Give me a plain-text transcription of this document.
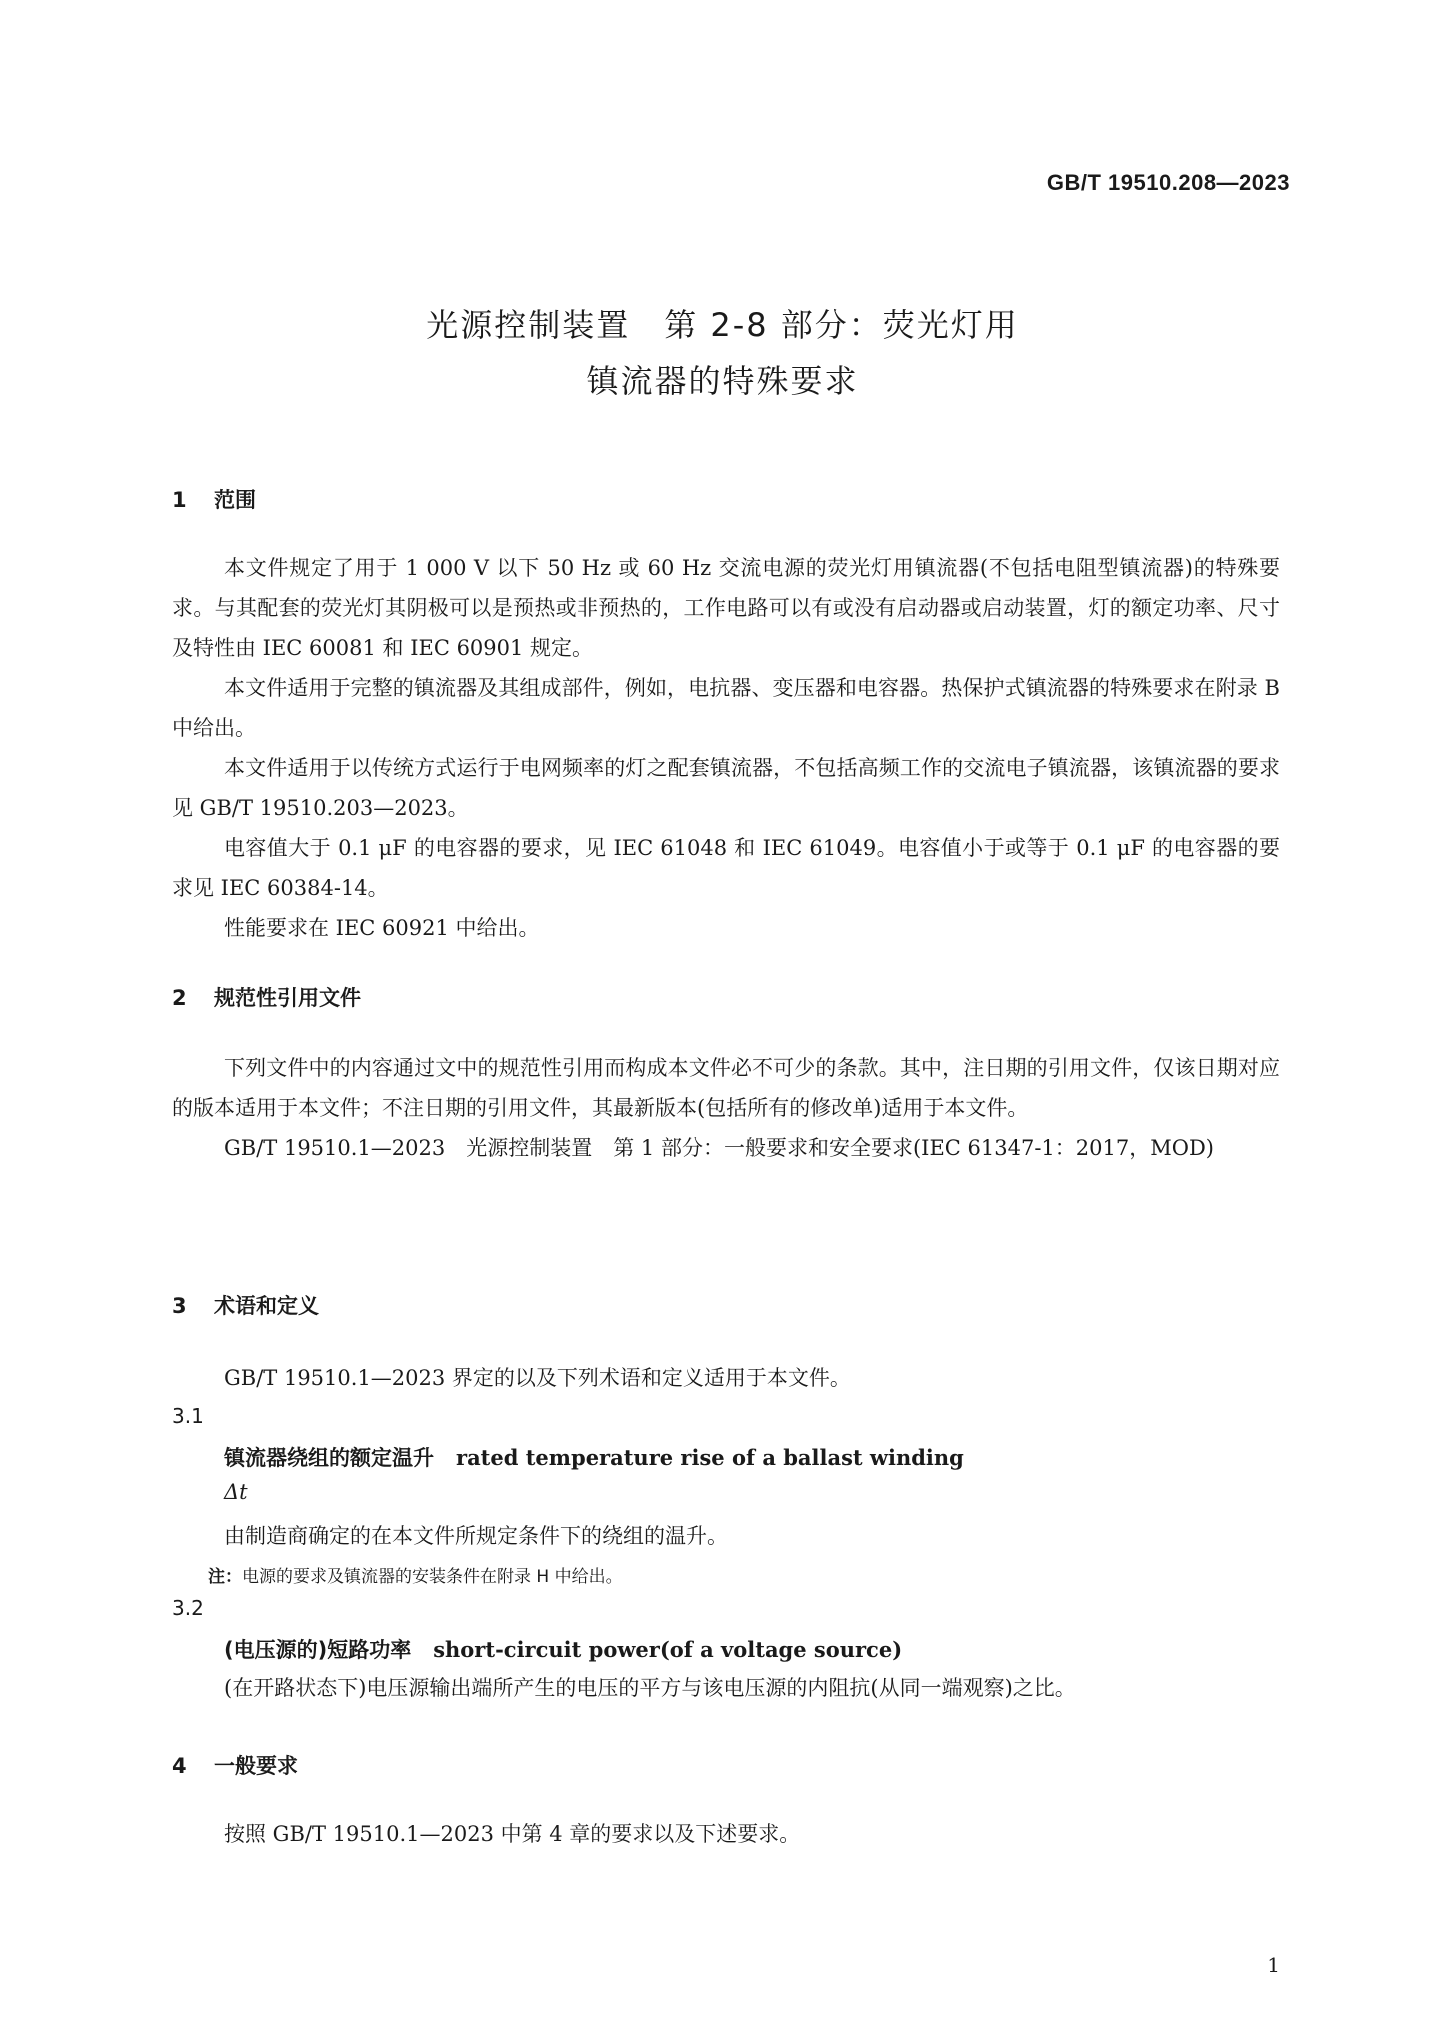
GB/T 19510.208—2023
光源控制装置　第 2-8 部分：荧光灯用
镇流器的特殊要求
1 范围

本文件规定了用于 1 000 V 以下 50 Hz 或 60 Hz 交流电源的荧光灯用镇流器(不包括电阻型镇流器)的特殊要求。与其配套的荧光灯其阴极可以是预热或非预热的，工作电路可以有或没有启动器或启动装置，灯的额定功率、尺寸及特性由 IEC 60081 和 IEC 60901 规定。

本文件适用于完整的镇流器及其组成部件，例如，电抗器、变压器和电容器。热保护式镇流器的特殊要求在附录 B 中给出。

本文件适用于以传统方式运行于电网频率的灯之配套镇流器，不包括高频工作的交流电子镇流器，该镇流器的要求见 GB/T 19510.203—2023。

电容值大于 0.1 μF 的电容器的要求，见 IEC 61048 和 IEC 61049。电容值小于或等于 0.1 μF 的电容器的要求见 IEC 60384-14。

性能要求在 IEC 60921 中给出。

2 规范性引用文件

下列文件中的内容通过文中的规范性引用而构成本文件必不可少的条款。其中，注日期的引用文件，仅该日期对应的版本适用于本文件；不注日期的引用文件，其最新版本(包括所有的修改单)适用于本文件。

GB/T 19510.1—2023　光源控制装置　第 1 部分：一般要求和安全要求(IEC 61347-1：2017，MOD)

3 术语和定义
GB/T 19510.1—2023 界定的以及下列术语和定义适用于本文件。
3.1
镇流器绕组的额定温升 rated temperature rise of a ballast winding
Δt
由制造商确定的在本文件所规定条件下的绕组的温升。
注：电源的要求及镇流器的安装条件在附录 H 中给出。
3.2
(电压源的)短路功率 short-circuit power(of a voltage source)
(在开路状态下)电压源输出端所产生的电压的平方与该电压源的内阻抗(从同一端观察)之比。
4 一般要求
按照 GB/T 19510.1—2023 中第 4 章的要求以及下述要求。
1
